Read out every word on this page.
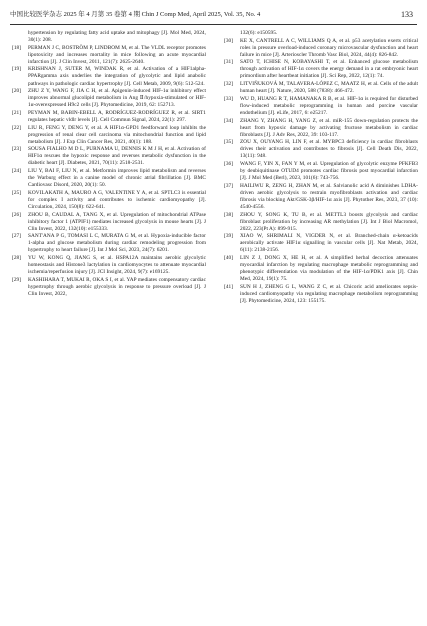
中国比较医学杂志 2025 年 4 月第 35 卷第 4 期 Chin J Comp Med, April 2025, Vol. 35, No. 4	133
hypertension by regulating fatty acid uptake and mitophagy [J]. Mol Med, 2024, 30(1): 208.
[18] PERMAN J C, BOSTRÖM P, LINDBOM M, et al. The VLDL receptor promotes lipotoxicity and increases mortality in mice following an acute myocardial infarction [J]. J Clin Invest, 2011, 121(7): 2625-2640.
[19] KRISHNAN J, SUTER M, WINDAK R, et al. Activation of a HIF1alpha-PPARgamma axis underlies the integration of glycolytic and lipid anabolic pathways in pathologic cardiac hypertrophy [J]. Cell Metab, 2009, 9(6): 512-524.
[20] ZHU Z Y, WANG F, JIA C H, et al. Apigenin-induced HIF-1α inhibitory effect improves abnormal glucolipid metabolism in Ang Ⅱ/hypoxia-stimulated or HIF-1α-overexpressed H9c2 cells [J]. Phytomedicine, 2019, 62: 152713.
[21] PEYMAN M, BABIN-EBELL A, RODRÍGUEZ-RODRÍGUEZ R, et al. SIRT1 regulates hepatic vldlr levels [J]. Cell Commun Signal, 2024, 22(1): 297.
[22] LIU R, FENG Y, DENG Y, et al. A HIF1α-GPD1 feedforward loop inhibits the progression of renal clear cell carcinoma via mitochondrial function and lipid metabolism [J]. J Exp Clin Cancer Res, 2021, 40(1): 188.
[23] SOUSA FIALHO M D L, PURNAMA U, DENNIS K M J H, et al. Activation of HIF1α rescues the hypoxic response and reverses metabolic dysfunction in the diabetic heart [J]. Diabetes, 2021, 70(11): 2518-2531.
[24] LIU Y, BAI F, LIU N, et al. Metformin improves lipid metabolism and reverses the Warburg effect in a canine model of chronic atrial fibrillation [J]. BMC Cardiovasc Disord, 2020, 20(1): 50.
[25] KOVILAKATH A, MAURO A G, VALENTINE Y A, et al. SPTLC3 is essential for complex I activity and contributes to ischemic cardiomyopathy [J]. Circulation, 2024, 150(8): 622-641.
[26] ZHOU B, CAUDAL A, TANG X, et al. Upregulation of mitochondrial ATPase inhibitory factor 1 (ATPIF1) mediates increased glycolysis in mouse hearts [J]. J Clin Invest, 2022, 132(10): e155333.
[27] SANT'ANA P G, TOMASI L C, MURATA G M, et al. Hypoxia-inducible factor 1-alpha and glucose metabolism during cardiac remodeling progression from hypertrophy to heart failure [J]. Int J Mol Sci, 2023, 24(7): 6201.
[28] YU W, KONG Q, JIANG S, et al. HSPA12A maintains aerobic glycolytic homeostasis and Histone3 lactylation in cardiomyocytes to attenuate myocardial ischemia/reperfusion injury [J]. JCI Insight, 2024, 9(7): e169125.
[29] KASHIHARA T, MUKAI R, OKA S I, et al. YAP mediates compensatory cardiac hypertrophy through aerobic glycolysis in response to pressure overload [J]. J Clin Invest, 2022,
132(6): e150595.
[30] KE X, CANTRELL A C, WILLIAMS Q A, et al. p53 acetylation exerts critical roles in pressure overload-induced coronary microvascular dysfunction and heart failure in mice [J]. Arterioscler Thromb Vasc Biol, 2024, 44(4): 826-842.
[31] SATO T, ICHISE N, KOBAYASHI T, et al. Enhanced glucose metabolism through activation of HIF-1α covers the energy demand in a rat embryonic heart primordium after heartbeat initiation [J]. Sci Rep, 2022, 12(1): 74.
[32] LITVIŇUKOVÁ M, TALAVERA-LÓPEZ C, MAATZ H, et al. Cells of the adult human heart [J]. Nature, 2020, 588 (7838): 466-472.
[33] WU D, HUANG R T, HAMANAKA R B, et al. HIF-1α is required for disturbed flow-induced metabolic reprogramming in human and porcine vascular endothelium [J]. eLife, 2017, 6: e25217.
[34] ZHANG Y, ZHANG H, YANG Z, et al. miR-155 down-regulation protects the heart from hypoxic damage by activating fructose metabolism in cardiac fibroblasts [J]. J Adv Res, 2022, 39: 103-117.
[35] ZOU X, OUYANG H, LIN F, et al. MYBPC3 deficiency in cardiac fibroblasts drives their activation and contributes to fibrosis [J]. Cell Death Dis, 2022, 13(11): 948.
[36] WANG F, YIN X, FAN Y M, et al. Upregulation of glycolytic enzyme PFKFB3 by deubiquitinase OTUD4 promotes cardiac fibrosis post myocardial infarction [J]. J Mol Med (Berl), 2023, 101(6): 743-756.
[37] HAILIWU R, ZENG H, ZHAN M, et al. Salvianolic acid A diminishes LDHA-driven aerobic glycolysis to restrain myofibroblasts activation and cardiac fibrosis via blocking Akt/GSK-3β/HIF-1α axis [J]. Phytother Res, 2023, 37 (10): 4540-4556.
[38] ZHOU Y, SONG K, TU B, et al. METTL3 boosts glycolysis and cardiac fibroblast proliferation by increasing AR methylation [J]. Int J Biol Macromol, 2022, 223(Pt A): 899-915.
[39] XIAO W, SHRIMALI N, VIGDER N, et al. Branched-chain α-ketoacids aerobically activate HIF1α signalling in vascular cells [J]. Nat Metab, 2024, 6(11): 2138-2156.
[40] LIN Z J, DONG X, HE H, et al. A simplified herbal decoction attenuates myocardial infarction by regulating macrophage metabolic reprogramming and phenotypic differentiation via modulation of the HIF-1α/PDK1 axis [J]. Chin Med, 2024, 19(1): 75.
[41] SUN H J, ZHENG G L, WANG Z C, et al. Chicoric acid ameliorates sepsis-induced cardiomyopathy via regulating macrophage metabolism reprogramming [J]. Phytomedicine, 2024, 123: 155175.
